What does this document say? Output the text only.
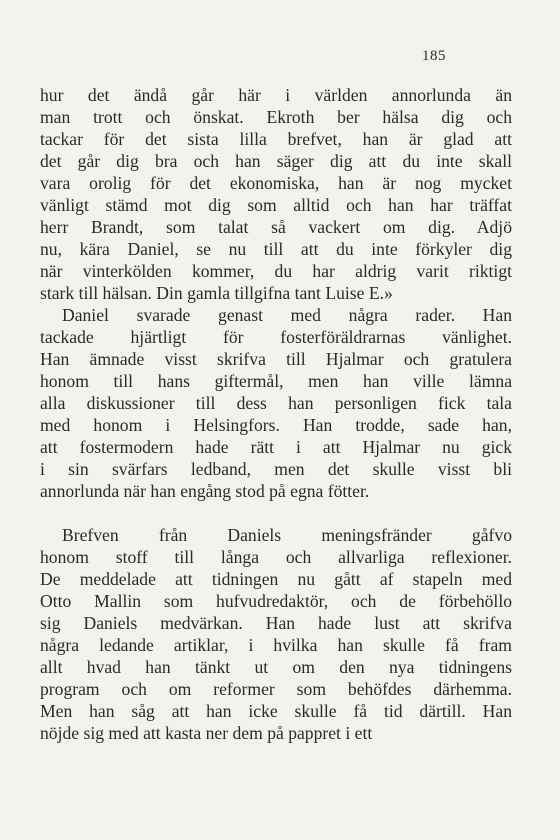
185
hur det ändå går här i världen annorlunda än
man trott och önskat. Ekroth ber hälsa dig och
tackar för det sista lilla brefvet, han är glad att
det går dig bra och han säger dig att du inte skall
vara orolig för det ekonomiska, han är nog mycket
vänligt stämd mot dig som alltid och han har träffat
herr Brandt, som talat så vackert om dig. Adjö
nu, kära Daniel, se nu till att du inte förkyler dig
när vinterkölden kommer, du har aldrig varit riktigt
stark till hälsan. Din gamla tillgifna tant Luise E.»
Daniel svarade genast med några rader. Han
tackade hjärtligt för fosterföräldrarnas vänlighet.
Han ämnade visst skrifva till Hjalmar och gratulera
honom till hans giftermål, men han ville lämna
alla diskussioner till dess han personligen fick tala
med honom i Helsingfors. Han trodde, sade han,
att fostermodern hade rätt i att Hjalmar nu gick
i sin svärfars ledband, men det skulle visst bli
annorlunda när han engång stod på egna fötter.
Brefven från Daniels meningsfränder gåfvo
honom stoff till långa och allvarliga reflexioner.
De meddelade att tidningen nu gått af stapeln med
Otto Mallin som hufvudredaktör, och de förbehöllo
sig Daniels medvärkan. Han hade lust att skrifva
några ledande artiklar, i hvilka han skulle få fram
allt hvad han tänkt ut om den nya tidningens
program och om reformer som behöfdes därhemma.
Men han såg att han icke skulle få tid därtill. Han
nöjde sig med att kasta ner dem på pappret i ett
